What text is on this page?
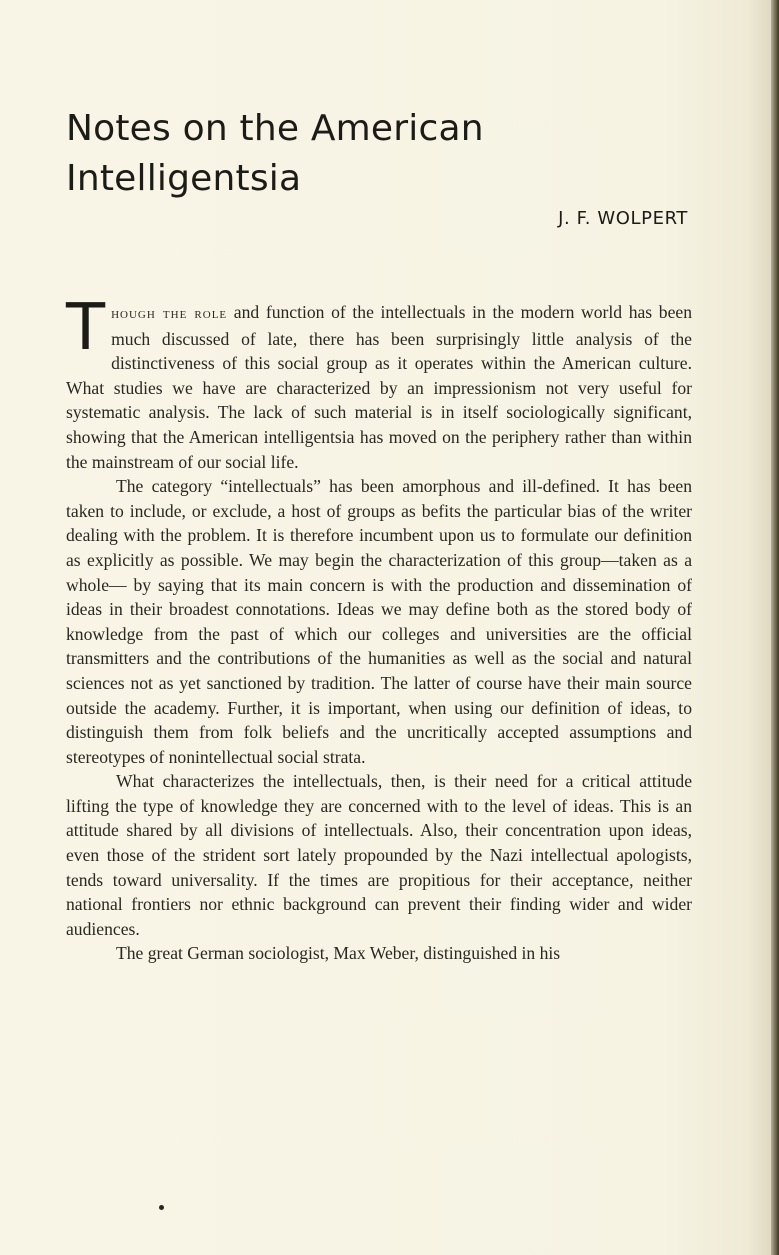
Notes on the American
Intelligentsia
J. F. WOLPERT

Though the role and function of the intellectuals in the modern world has been much discussed of late, there has been surprisingly little analysis of the distinctiveness of this social group as it operates within the American culture. What studies we have are characterized by an impressionism not very useful for systematic analysis. The lack of such material is in itself sociologically significant, showing that the American intelligentsia has moved on the periphery rather than within the mainstream of our social life.

The category “intellectuals” has been amorphous and ill-defined. It has been taken to include, or exclude, a host of groups as befits the particular bias of the writer dealing with the problem. It is therefore incumbent upon us to formulate our definition as explicitly as possible. We may begin the characterization of this group—taken as a whole— by saying that its main concern is with the production and dissemination of ideas in their broadest connotations. Ideas we may define both as the stored body of knowledge from the past of which our colleges and universities are the official transmitters and the contributions of the humanities as well as the social and natural sciences not as yet sanctioned by tradition. The latter of course have their main source outside the academy. Further, it is important, when using our definition of ideas, to distinguish them from folk beliefs and the uncritically accepted assumptions and stereotypes of nonintellectual social strata.

What characterizes the intellectuals, then, is their need for a critical attitude lifting the type of knowledge they are concerned with to the level of ideas. This is an attitude shared by all divisions of intellectuals. Also, their concentration upon ideas, even those of the strident sort lately propounded by the Nazi intellectual apologists, tends toward universality. If the times are propitious for their acceptance, neither national frontiers nor ethnic background can prevent their finding wider and wider audiences.

The great German sociologist, Max Weber, distinguished in his
